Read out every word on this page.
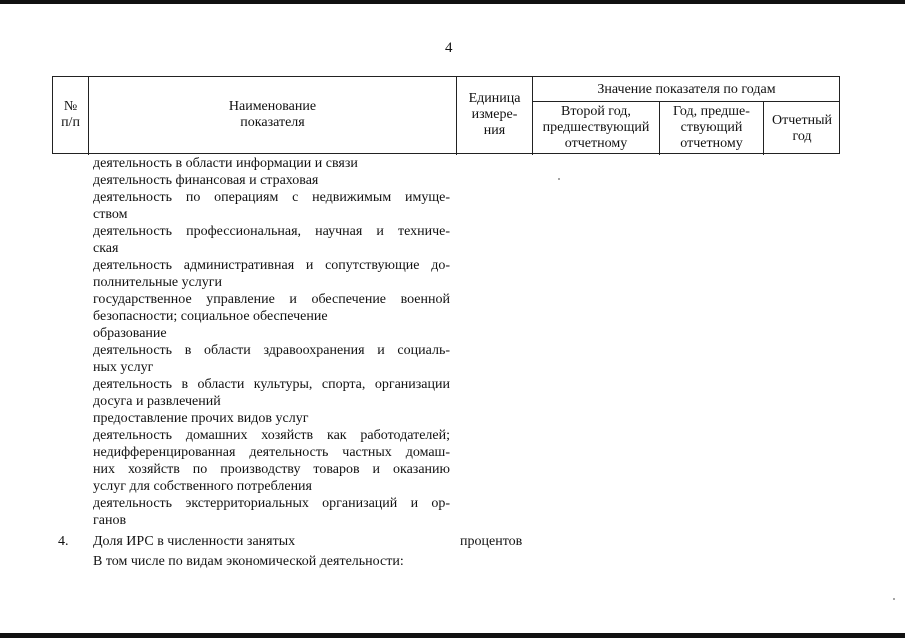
4
№
п/п
Наименование
показателя
Единица
измере-
ния
Значение показателя по годам
Второй год,
предшествующий
отчетному
Год, предше-
ствующий
отчетному
Отчетный
год
деятельность в области информации и связи
деятельность финансовая и страховая
деятельность по операциям с недвижимым имуще-
ством
деятельность профессиональная, научная и техниче-
ская
деятельность административная и сопутствующие до-
полнительные услуги
государственное управление и обеспечение военной
безопасности; социальное обеспечение
образование
деятельность в области здравоохранения и социаль-
ных услуг
деятельность в области культуры, спорта, организации
досуга и развлечений
предоставление прочих видов услуг
деятельность домашних хозяйств как работодателей;
недифференцированная деятельность частных домаш-
них хозяйств по производству товаров и оказанию
услуг для собственного потребления
деятельность экстерриториальных организаций и ор-
ганов
4. Доля ИРС в численности занятых	процентов
В том числе по видам экономической деятельности:
